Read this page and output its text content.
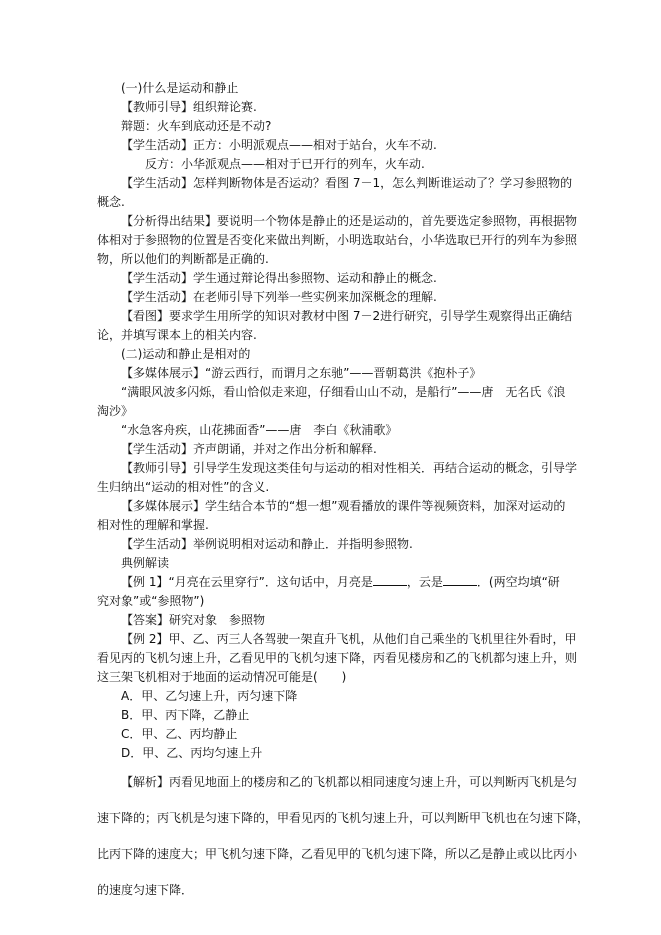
(一)什么是运动和静止
【教师引导】组织辩论赛.
辩题：火车到底动还是不动?
【学生活动】正方：小明派观点——相对于站台，火车不动.
反方：小华派观点——相对于已开行的列车，火车动.
【学生活动】怎样判断物体是否运动？看图 7－1，怎么判断谁运动了？学习参照物的
概念.
【分析得出结果】要说明一个物体是静止的还是运动的，首先要选定参照物，再根据物
体相对于参照物的位置是否变化来做出判断，小明选取站台，小华选取已开行的列车为参照
物，所以他们的判断都是正确的.
【学生活动】学生通过辩论得出参照物、运动和静止的概念.
【学生活动】在老师引导下列举一些实例来加深概念的理解.
【看图】要求学生用所学的知识对教材中图 7－2进行研究，引导学生观察得出正确结
论，并填写课本上的相关内容.
(二)运动和静止是相对的
【多媒体展示】“游云西行，而谓月之东驰”——晋朝葛洪《抱朴子》
“满眼风波多闪烁，看山恰似走来迎，仔细看山山不动，是船行”——唐　无名氏《浪
淘沙》
“水急客舟疾，山花拂面香”——唐　李白《秋浦歌》
【学生活动】齐声朗诵，并对之作出分析和解释.
【教师引导】引导学生发现这类佳句与运动的相对性相关．再结合运动的概念，引导学
生归纳出“运动的相对性”的含义.
【多媒体展示】学生结合本节的“想一想”观看播放的课件等视频资料，加深对运动的
相对性的理解和掌握.
【学生活动】举例说明相对运动和静止．并指明参照物.
典例解读
【例 1】“月亮在云里穿行”．这句话中，月亮是	，云是	．(两空均填“研
究对象”或“参照物”)
【答案】研究对象　参照物
【例 2】甲、乙、丙三人各驾驶一架直升飞机，从他们自己乘坐的飞机里往外看时，甲
看见丙的飞机匀速上升，乙看见甲的飞机匀速下降，丙看见楼房和乙的飞机都匀速上升，则
这三架飞机相对于地面的运动情况可能是(　　)
A．甲、乙匀速上升，丙匀速下降
B．甲、丙下降，乙静止
C．甲、乙、丙均静止
D．甲、乙、丙均匀速上升
【解析】丙看见地面上的楼房和乙的飞机都以相同速度匀速上升，可以判断丙飞机是匀
速下降的；丙飞机是匀速下降的，甲看见丙的飞机匀速上升，可以判断甲飞机也在匀速下降，
比丙下降的速度大；甲飞机匀速下降，乙看见甲的飞机匀速下降，所以乙是静止或以比丙小
的速度匀速下降．
